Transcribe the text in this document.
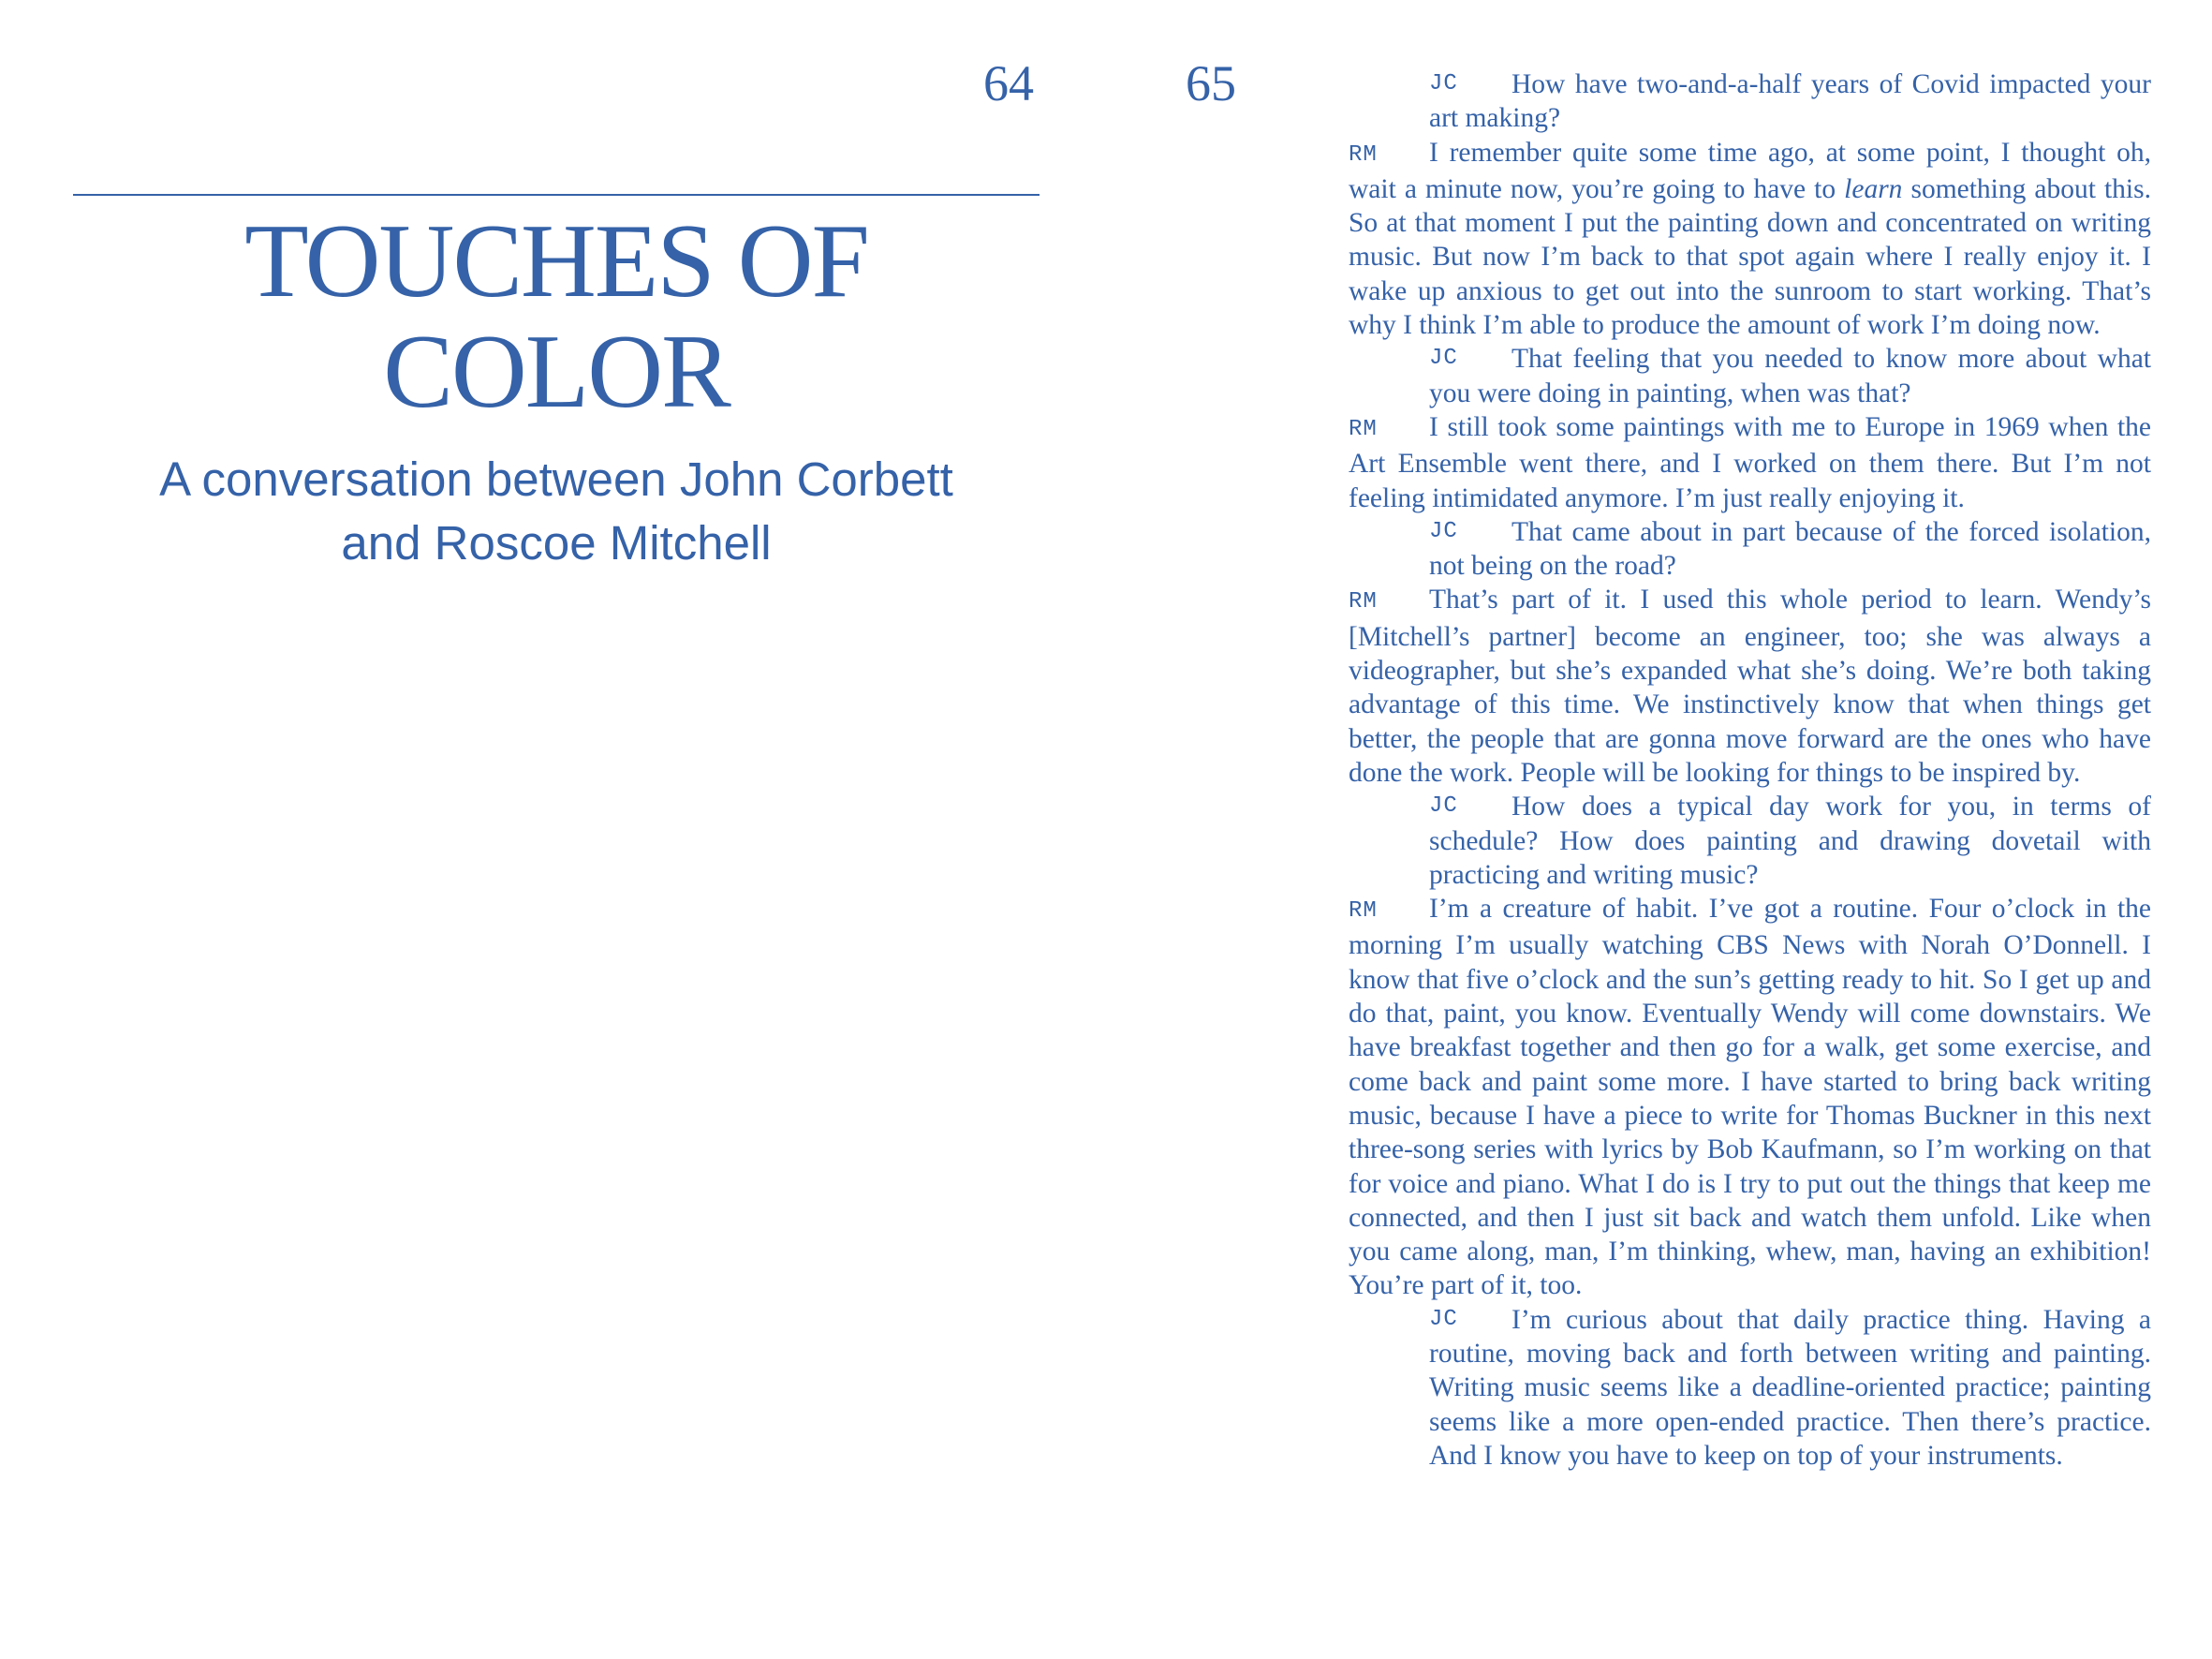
64	65
TOUCHES OF
COLOR

A conversation between John Corbett
and Roscoe Mitchell

JC	How have two-and-a-half years of Covid impacted your art making?

RM I remember quite some time ago, at some point, I thought oh, wait a minute now, you’re going to have to learn something about this. So at that moment I put the painting down and concentrated on writing music. But now I’m back to that spot again where I really enjoy it. I wake up anxious to get out into the sunroom to start working. That’s why I think I’m able to produce the amount of work I’m doing now.

JC	That feeling that you needed to know more about what you were doing in painting, when was that?

RM I still took some paintings with me to Europe in 1969 when the Art Ensemble went there, and I worked on them there. But I’m not feeling intimidated anymore. I’m just really enjoying it.

JC	That came about in part because of the forced isolation, not being on the road?

RM That’s part of it. I used this whole period to learn. Wendy’s [Mitchell’s partner] become an engineer, too; she was always a videographer, but she’s expanded what she’s doing. We’re both taking advantage of this time. We instinctively know that when things get better, the people that are gonna move forward are the ones who have done the work. People will be looking for things to be inspired by.

JC	How does a typical day work for you, in terms of schedule? How does painting and drawing dovetail with practicing and writing music?

RM I’m a creature of habit. I’ve got a routine. Four o’clock in the morning I’m usually watching CBS News with Norah O’Donnell. I know that five o’clock and the sun’s getting ready to hit. So I get up and do that, paint, you know. Eventually Wendy will come downstairs. We have breakfast together and then go for a walk, get some exercise, and come back and paint some more. I have started to bring back writing music, because I have a piece to write for Thomas Buckner in this next three-song series with lyrics by Bob Kaufmann, so I’m working on that for voice and piano. What I do is I try to put out the things that keep me connected, and then I just sit back and watch them unfold. Like when you came along, man, I’m thinking, whew, man, having an exhibition! You’re part of it, too.

JC	I’m curious about that daily practice thing. Having a routine, moving back and forth between writing and painting. Writing music seems like a deadline-oriented practice; painting seems like a more open-ended practice. Then there’s practice. And I know you have to keep on top of your instruments.
